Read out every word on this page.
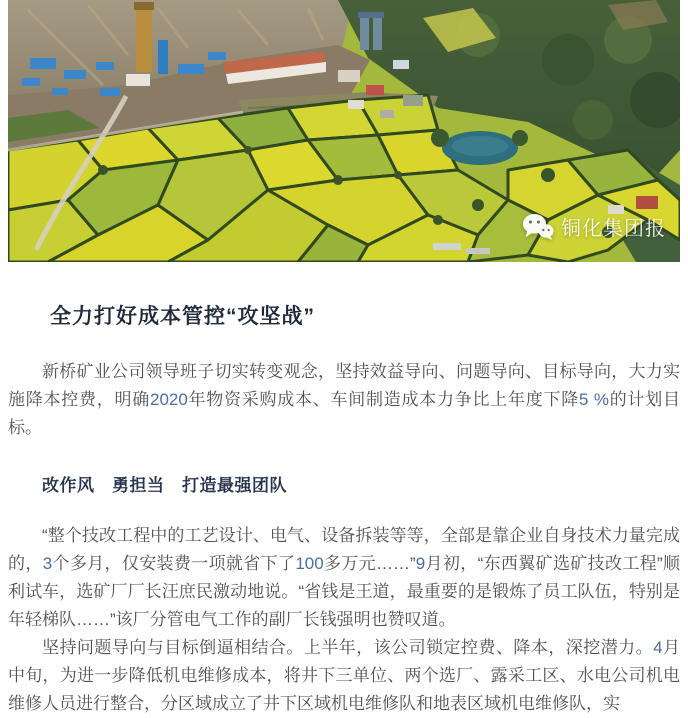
铜化集团报
全力打好成本管控“攻坚战”

新桥矿业公司领导班子切实转变观念，坚持效益导向、问题导向、目标导向，大力实施降本控费，明确2020年物资采购成本、车间制造成本力争比上年度下降5 %的计划目标。

改作风　勇担当　打造最强团队

“整个技改工程中的工艺设计、电气、设备拆装等等，全部是靠企业自身技术力量完成的，3个多月，仅安装费一项就省下了100多万元……”9月初，“东西翼矿选矿技改工程”顺利试车，选矿厂厂长汪庶民激动地说。“省钱是王道，最重要的是锻炼了员工队伍，特别是年轻梯队……”该厂分管电气工作的副厂长钱强明也赞叹道。

坚持问题导向与目标倒逼相结合。上半年，该公司锁定控费、降本，深挖潜力。4月中旬，为进一步降低机电维修成本，将井下三单位、两个选厂、露采工区、水电公司机电维修人员进行整合，分区域成立了井下区域机电维修队和地表区域机电维修队，实
